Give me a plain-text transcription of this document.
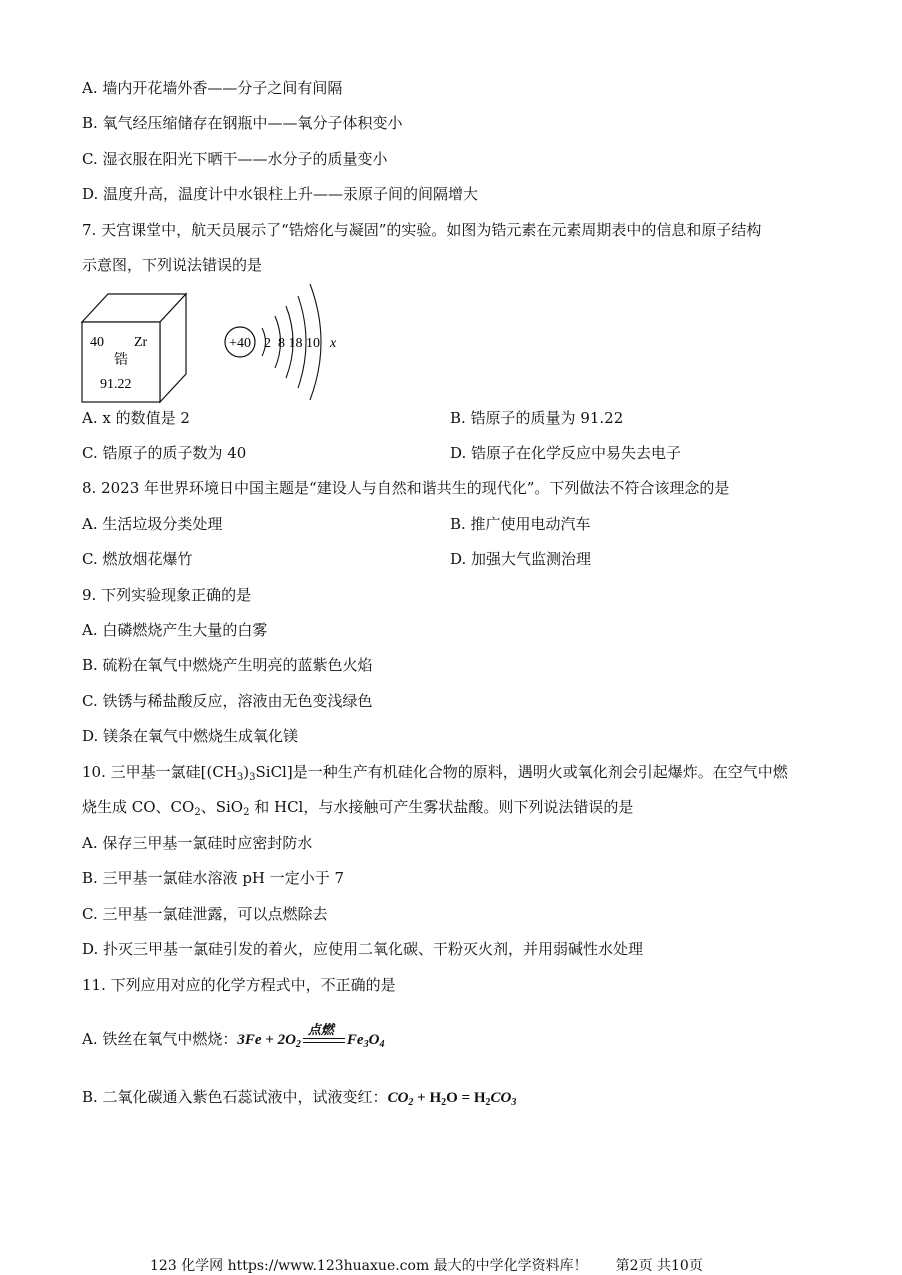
A. 墙内开花墙外香——分子之间有间隔
B. 氧气经压缩储存在钢瓶中——氧分子体积变小
C. 湿衣服在阳光下晒干——水分子的质量变小
D. 温度升高，温度计中水银柱上升——汞原子间的间隔增大
7. 天宫课堂中，航天员展示了“锆熔化与凝固”的实验。如图为锆元素在元素周期表中的信息和原子结构
示意图，下列说法错误的是
40 Zr
锆
91.22
+40 2  8 18 10 x
A. x 的数值是 2	B. 锆原子的质量为 91.22
C. 锆原子的质子数为 40	D. 锆原子在化学反应中易失去电子
8. 2023 年世界环境日中国主题是“建设人与自然和谐共生的现代化”。下列做法不符合该理念的是
A. 生活垃圾分类处理	B. 推广使用电动汽车
C. 燃放烟花爆竹	D. 加强大气监测治理
9. 下列实验现象正确的是
A. 白磷燃烧产生大量的白雾
B. 硫粉在氧气中燃烧产生明亮的蓝紫色火焰
C. 铁锈与稀盐酸反应，溶液由无色变浅绿色
D. 镁条在氧气中燃烧生成氧化镁
10. 三甲基一氯硅$[(CH_3)_3SiCl]$是一种生产有机硅化合物的原料，遇明火或氧化剂会引起爆炸。在空气中燃
烧生成 CO、$CO_2$、SiO$_2$ 和 HCl，与水接触可产生雾状盐酸。则下列说法错误的是
A. 保存三甲基一氯硅时应密封防水
B. 三甲基一氯硅水溶液 pH 一定小于 7
C. 三甲基一氯硅泄露，可以点燃除去
D. 扑灭三甲基一氯硅引发的着火，应使用二氧化碳、干粉灭火剂，并用弱碱性水处理
11. 下列应用对应的化学方程式中，不正确的是
A. 铁丝在氧气中燃烧：$3Fe + 2O_2$
点燃
$Fe_3O_4$
B. 二氧化碳通入紫色石蕊试液中，试液变红：$CO_2 + H_2O = H_2CO_3$
123 化学网 https://www.123huaxue.com 最大的中学化学资料库！ 第2页 共10页
